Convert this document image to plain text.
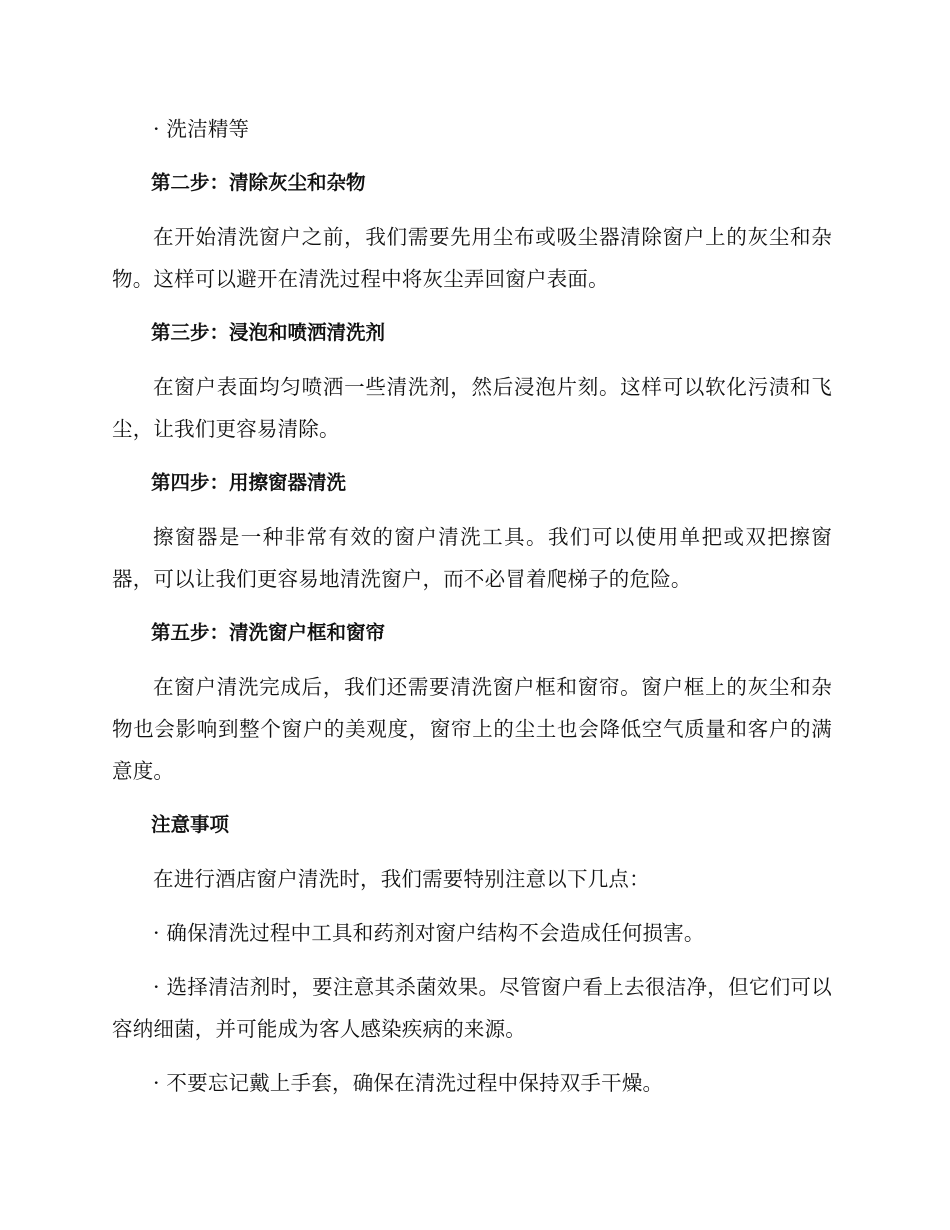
· 洗洁精等

第二步：清除灰尘和杂物

在开始清洗窗户之前，我们需要先用尘布或吸尘器清除窗户上的灰尘和杂物。这样可以避开在清洗过程中将灰尘弄回窗户表面。

第三步：浸泡和喷洒清洗剂

在窗户表面均匀喷洒一些清洗剂，然后浸泡片刻。这样可以软化污渍和飞尘，让我们更容易清除。

第四步：用擦窗器清洗

擦窗器是一种非常有效的窗户清洗工具。我们可以使用单把或双把擦窗器，可以让我们更容易地清洗窗户，而不必冒着爬梯子的危险。

第五步：清洗窗户框和窗帘

在窗户清洗完成后，我们还需要清洗窗户框和窗帘。窗户框上的灰尘和杂物也会影响到整个窗户的美观度，窗帘上的尘土也会降低空气质量和客户的满意度。

注意事项

在进行酒店窗户清洗时，我们需要特别注意以下几点：

· 确保清洗过程中工具和药剂对窗户结构不会造成任何损害。

· 选择清洁剂时，要注意其杀菌效果。尽管窗户看上去很洁净，但它们可以容纳细菌，并可能成为客人感染疾病的来源。

· 不要忘记戴上手套，确保在清洗过程中保持双手干燥。
